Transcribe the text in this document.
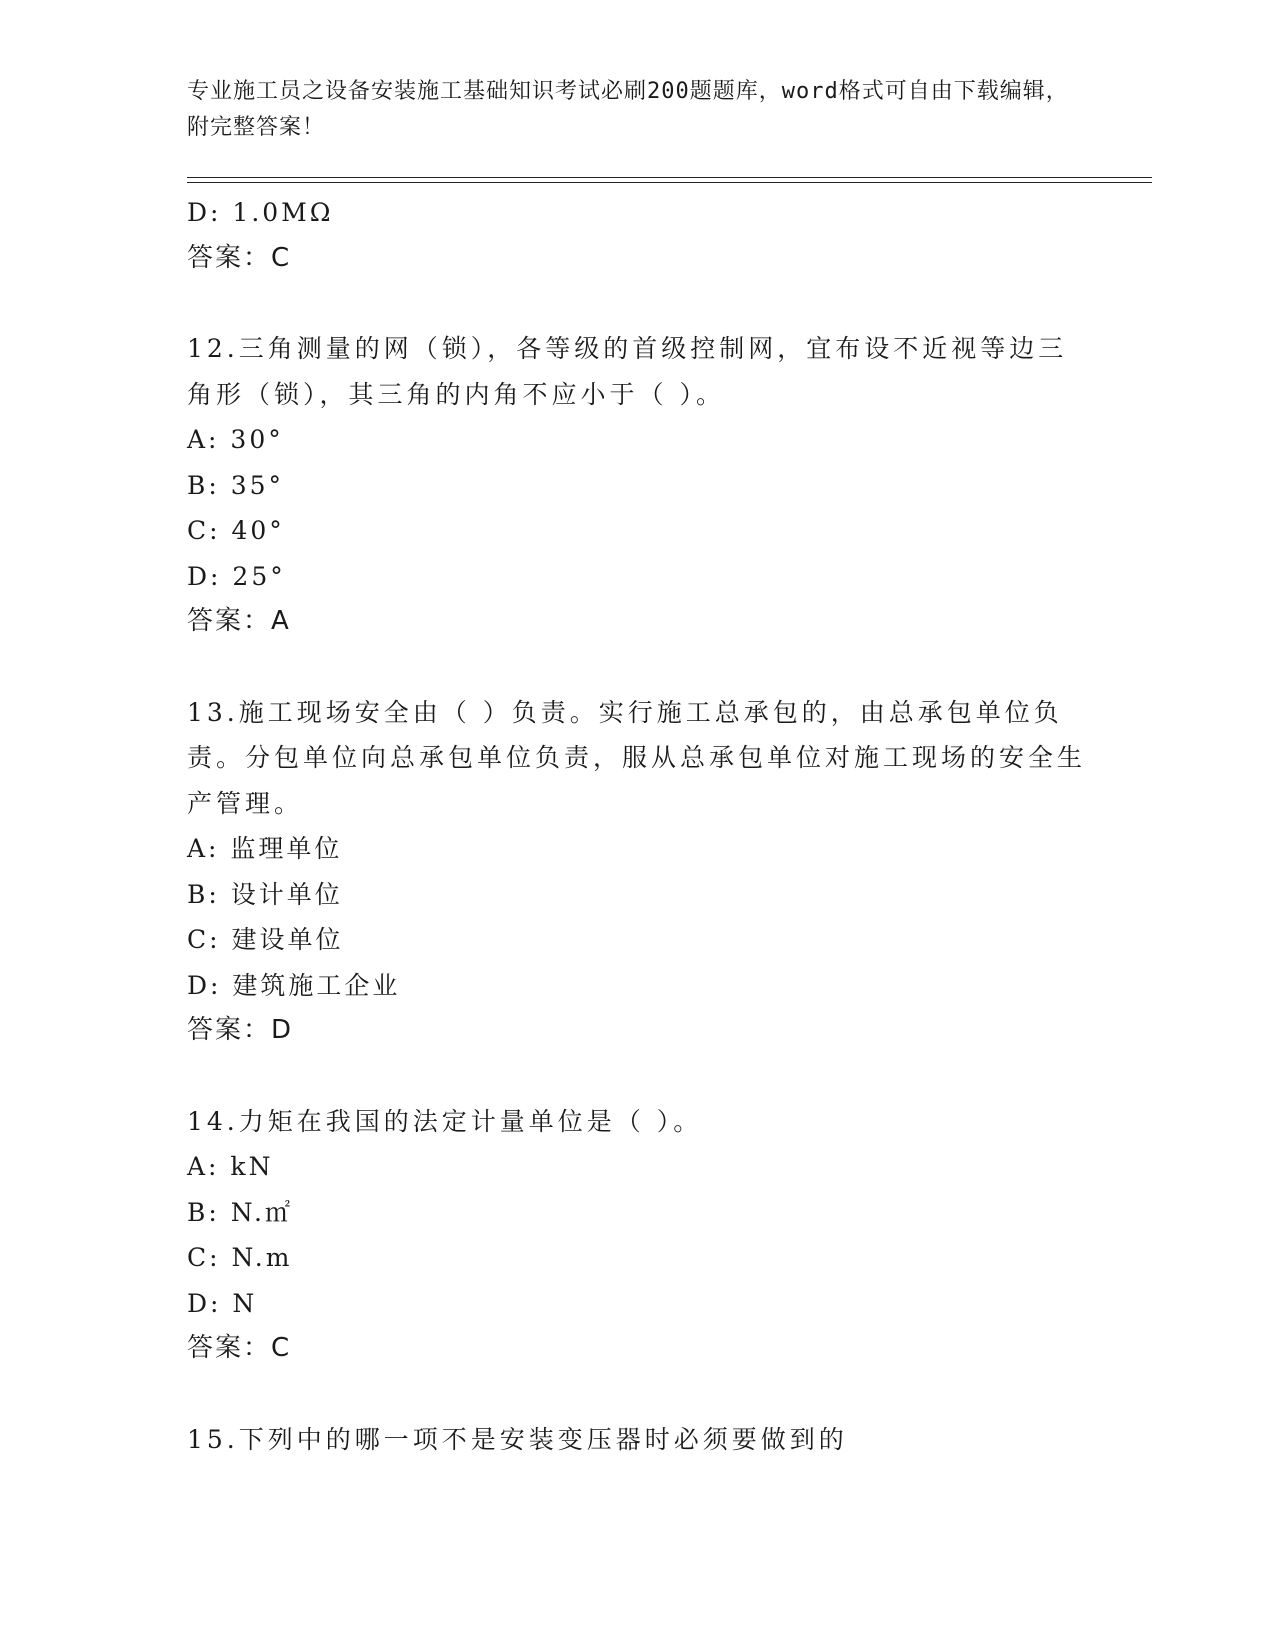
专业施工员之设备安装施工基础知识考试必刷200题题库，word格式可自由下载编辑，附完整答案！
D: 1.0MΩ
答案：C
12.三角测量的网（锁），各等级的首级控制网，宜布设不近视等边三角形（锁），其三角的内角不应小于（ ）。
A: 30°
B: 35°
C: 40°
D: 25°
答案：A
13.施工现场安全由（ ）负责。实行施工总承包的，由总承包单位负责。分包单位向总承包单位负责，服从总承包单位对施工现场的安全生产管理。
A: 监理单位
B: 设计单位
C: 建设单位
D: 建筑施工企业
答案：D
14.力矩在我国的法定计量单位是（ ）。
A: kN
B: N.㎡
C: N.m
D: N
答案：C
15.下列中的哪一项不是安装变压器时必须要做到的
